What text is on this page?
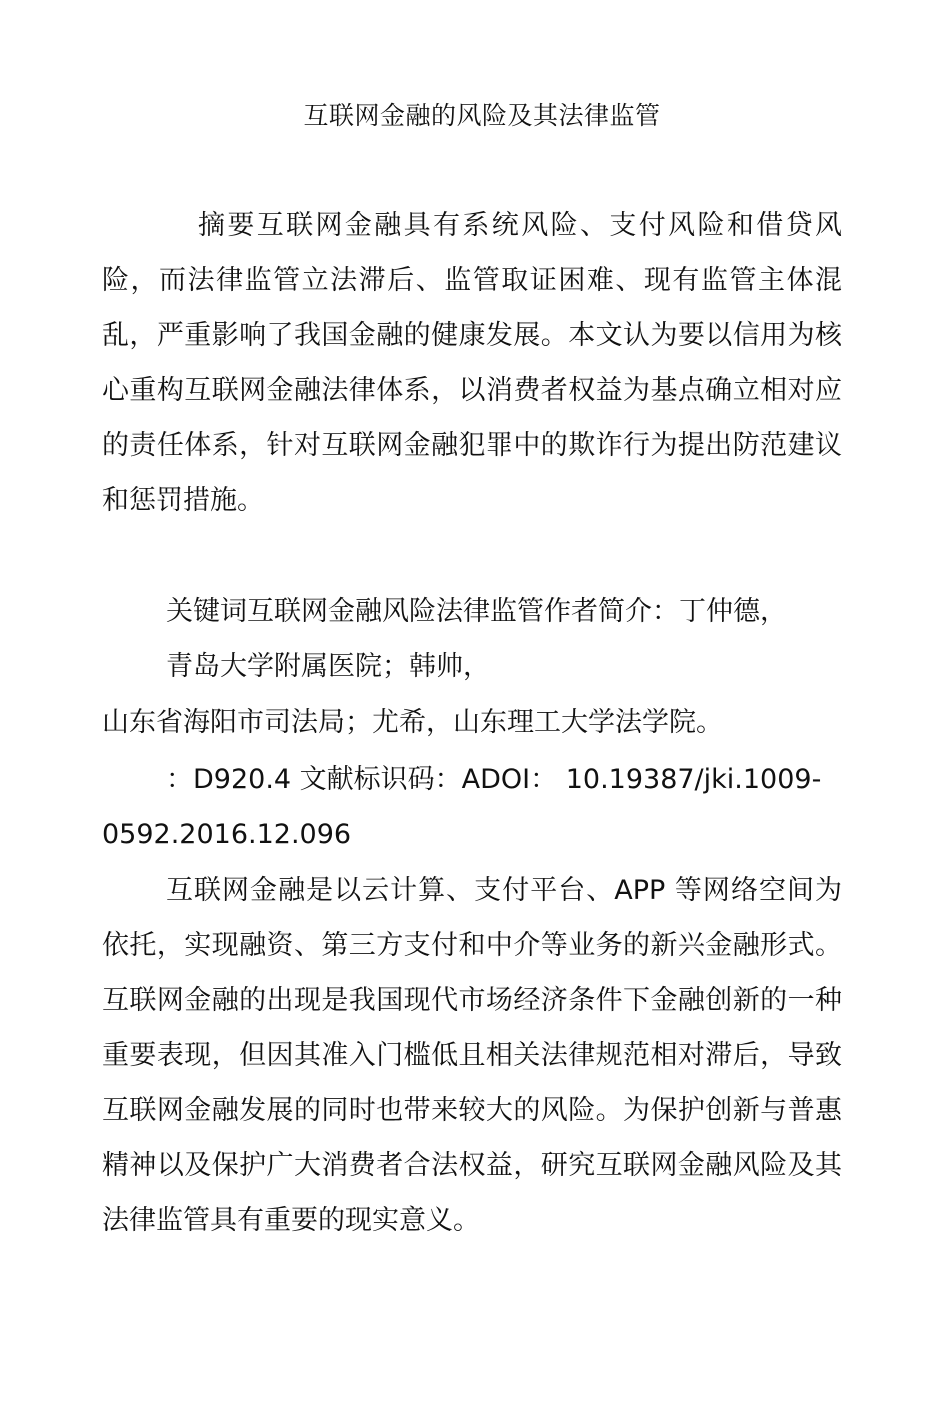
互联网金融的风险及其法律监管

摘要互联网金融具有系统风险、支付风险和借贷风险，而法律监管立法滞后、监管取证困难、现有监管主体混乱，严重影响了我国金融的健康发展。本文认为要以信用为核心重构互联网金融法律体系，以消费者权益为基点确立相对应的责任体系，针对互联网金融犯罪中的欺诈行为提出防范建议和惩罚措施。

关键词互联网金融风险法律监管作者简介：丁仲德，

青岛大学附属医院；韩帅，

山东省海阳市司法局；尤希，山东理工大学法学院。

：D920.4 文献标识码：ADOI： 10.19387/jki.1009-

0592.2016.12.096

互联网金融是以云计算、支付平台、APP 等网络空间为依托，实现融资、第三方支付和中介等业务的新兴金融形式。互联网金融的出现是我国现代市场经济条件下金融创新的一种重要表现，但因其准入门槛低且相关法律规范相对滞后，导致互联网金融发展的同时也带来较大的风险。为保护创新与普惠精神以及保护广大消费者合法权益，研究互联网金融风险及其法律监管具有重要的现实意义。
